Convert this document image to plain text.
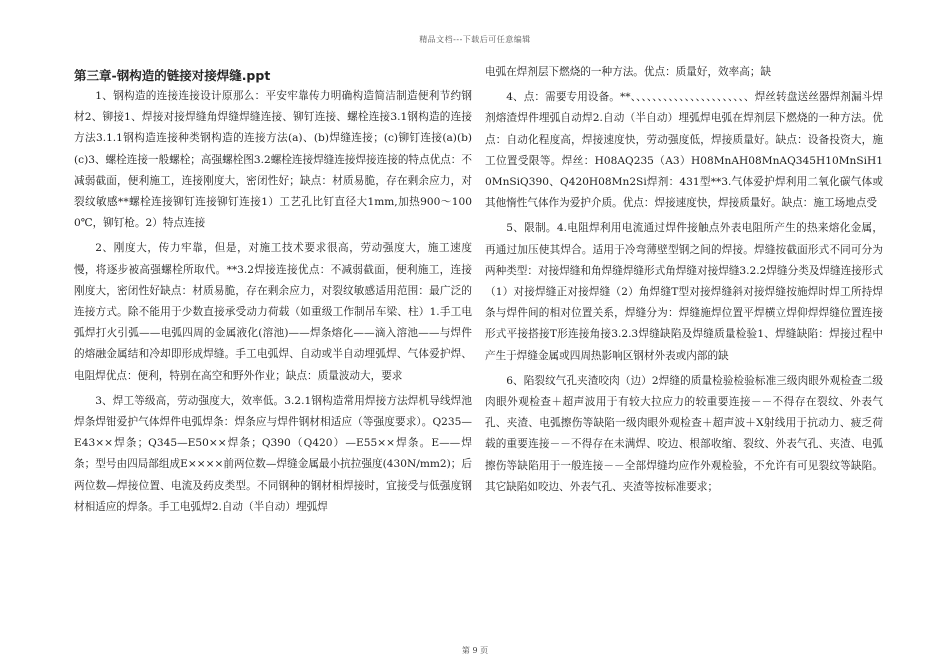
精品文档---下载后可任意编辑

第三章-钢构造的链接对接焊缝.ppt

1、钢构造的连接连接设计原那么：平安牢靠传力明确构造简洁制造便利节约钢材2、铆接1、焊接对接焊缝角焊缝焊缝连接、铆钉连接、螺栓连接3.1钢构造的连接方法3.1.1钢构造连接种类钢构造的连接方法(a)、(b)焊缝连接；(c)铆钉连接(a)(b)(c)3、螺栓连接一般螺栓；高强螺栓图3.2螺栓连接焊缝连接焊接连接的特点优点：不减弱截面，便利施工，连接刚度大，密闭性好；缺点：材质易脆，存在剩余应力，对裂纹敏感**螺栓连接铆钉连接铆钉连接1）工艺孔比钉直径大1mm,加热900～1000℃，铆钉枪。2）特点连接

2、刚度大，传力牢靠，但是，对施工技术要求很高，劳动强度大，施工速度慢，将逐步被高强螺栓所取代。**3.2焊接连接优点：不减弱截面，便利施工，连接刚度大，密闭性好缺点：材质易脆，存在剩余应力，对裂纹敏感适用范围：最广泛的连接方式。除不能用于少数直接承受动力荷载（如重级工作制吊车梁、柱）1.手工电弧焊打火引弧——电弧四周的金属液化(溶池)——焊条熔化——滴入溶池——与焊件的熔融金属结和冷却即形成焊缝。手工电弧焊、自动或半自动埋弧焊、气体爱护焊、电阻焊优点：便利，特别在高空和野外作业；缺点：质量波动大，要求

3、焊工等级高，劳动强度大，效率低。3.2.1钢构造常用焊接方法焊机导线焊池焊条焊钳爱护气体焊件电弧焊条：焊条应与焊件钢材相适应（等强度要求）。Q235—E43××焊条；Q345—E50××焊条；Q390（Q420）—E55××焊条。E——焊条；型号由四局部组成E××××前两位数—焊缝金属最小抗拉强度(430N/mm2)；后两位数—焊接位置、电流及药皮类型。不同钢种的钢材相焊接时，宜接受与低强度钢材相适应的焊条。手工电弧焊2.自动（半自动）埋弧焊

电弧在焊剂层下燃烧的一种方法。优点：质量好，效率高；缺

4、点：需要专用设备。**、、、、、、、、、、、、、、、、、、、、、、焊丝转盘送丝器焊剂漏斗焊剂熔渣焊件埋弧自动焊2.自动（半自动）埋弧焊电弧在焊剂层下燃烧的一种方法。优点：自动化程度高，焊接速度快，劳动强度低，焊接质量好。缺点：设备投资大，施工位置受限等。焊丝：H08AQ235（A3）H08MnAH08MnAQ345H10MnSiH10MnSiQ390、Q420H08Mn2Si焊剂：431型**3.气体爱护焊利用二氧化碳气体或其他惰性气体作为爱护介质。优点：焊接速度快，焊接质量好。缺点：施工场地点受

5、限制。4.电阻焊利用电流通过焊件接触点外表电阻所产生的热来熔化金属，再通过加压使其焊合。适用于冷弯薄壁型钢之间的焊接。焊缝按截面形式不同可分为两种类型：对接焊缝和角焊缝焊缝形式角焊缝对接焊缝3.2.2焊缝分类及焊缝连接形式（1）对接焊缝正对接焊缝（2）角焊缝T型对接焊缝斜对接焊缝按施焊时焊工所持焊条与焊件间的相对位置关系，焊缝分为：焊缝施焊位置平焊横立焊仰焊焊缝位置连接形式平接搭接T形连接角接3.2.3焊缝缺陷及焊缝质量检验1、焊缝缺陷：焊接过程中产生于焊缝金属或四周热影响区钢材外表或内部的缺

6、陷裂纹气孔夹渣咬肉（边）2焊缝的质量检验检验标准三级肉眼外观检查二级肉眼外观检查＋超声波用于有较大拉应力的较重要连接－－不得存在裂纹、外表气孔、夹渣、电弧擦伤等缺陷一级肉眼外观检查＋超声波＋X射线用于抗动力、疲乏荷载的重要连接－－不得存在未满焊、咬边、根部收缩、裂纹、外表气孔、夹渣、电弧擦伤等缺陷用于一般连接－－全部焊缝均应作外观检验，不允许有可见裂纹等缺陷。其它缺陷如咬边、外表气孔、夹渣等按标准要求；

第 9 页
